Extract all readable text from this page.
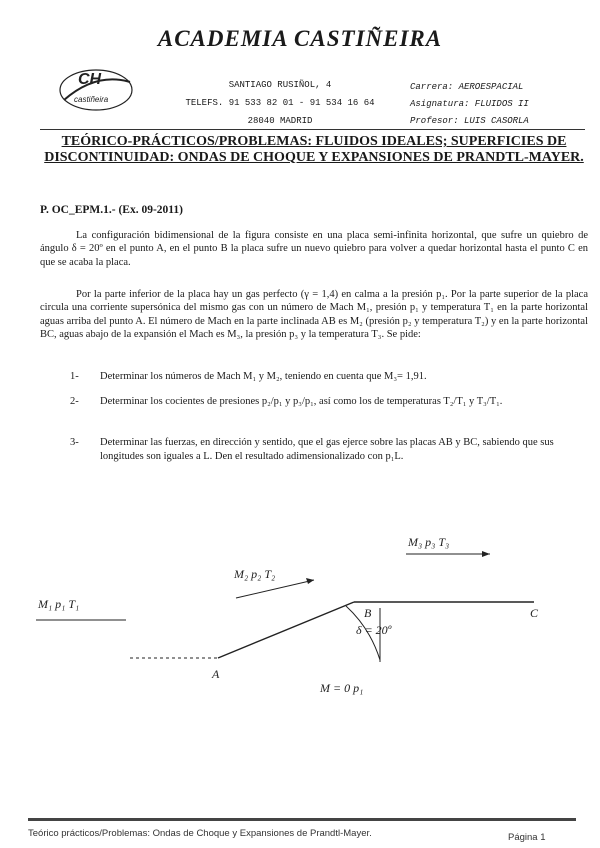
ACADEMIA CASTIÑEIRA
CH
castiñeira
SANTIAGO RUSIÑOL, 4
TELEFS. 91 533 82 01 - 91 534 16 64
28040 MADRID
Carrera: AEROESPACIAL
Asignatura: FLUIDOS II
Profesor: LUIS CASORLA
TEÓRICO-PRÁCTICOS/PROBLEMAS: FLUIDOS IDEALES; SUPERFICIES DE DISCONTINUIDAD: ONDAS DE CHOQUE Y EXPANSIONES DE PRANDTL-MAYER.
P. OC_EPM.1.- (Ex. 09-2011)
La configuración bidimensional de la figura consiste en una placa semi-infinita horizontal, que sufre un quiebro de ángulo δ = 20º en el punto A, en el punto B la placa sufre un nuevo quiebro para volver a quedar horizontal hasta el punto C en que se acaba la placa.
Por la parte inferior de la placa hay un gas perfecto (γ = 1,4) en calma a la presión p₁. Por la parte superior de la placa circula una corriente supersónica del mismo gas con un número de Mach M₁, presión p₁ y temperatura T₁ en la parte horizontal aguas arriba del punto A. El número de Mach en la parte inclinada AB es M₂ (presión p₂ y temperatura T₂) y en la parte horizontal BC, aguas abajo de la expansión el Mach es M₃, la presión p₃ y la temperatura T₃. Se pide:
1- Determinar los números de Mach M₁ y M₂, teniendo en cuenta que M₃= 1,91.
2- Determinar los cocientes de presiones p₂/p₁ y p₃/p₁, así como los de temperaturas T₂/T₁ y T₃/T₁.
3- Determinar las fuerzas, en dirección y sentido, que el gas ejerce sobre las placas AB y BC, sabiendo que sus longitudes son iguales a L. Den el resultado adimensionalizado con p₁L.
M₁ p₁ T₁
M₂ p₂ T₂
M₃ p₃ T₃
δ = 20º
A
B	C
M = 0 p₁
Teórico prácticos/Problemas: Ondas de Choque y Expansiones de Prandtl-Mayer.	Página 1
